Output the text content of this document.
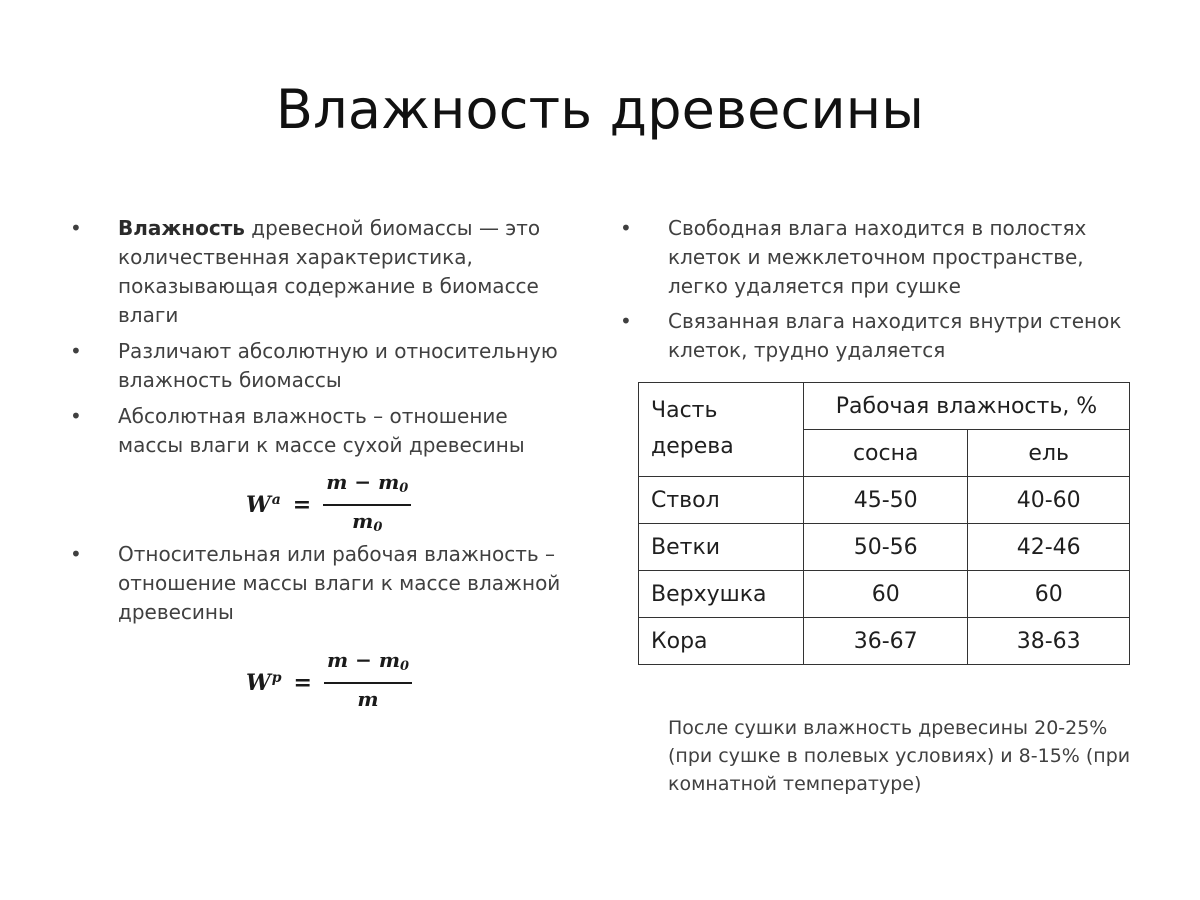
Влажность древесины
• Влажность древесной биомассы — это количественная характеристика, показывающая содержание в биомассе влаги
• Различают абсолютную и относительную влажность биомассы
• Абсолютная влажность – отношение массы влаги к массе сухой древесины
• Относительная или рабочая влажность – отношение массы влаги к массе влажной древесины
$W^a = \frac{m - m_0}{m_0}$
$W^p = \frac{m - m_0}{m}$
• Свободная влага находится в полостях клеток и межклеточном пространстве, легко удаляется при сушке
• Связанная влага находится внутри стенок клеток, трудно удаляется
Часть дерева	Рабочая влажность, %	
	сосна	ель
Ствол	45-50	40-60
Ветки	50-56	42-46
Верхушка	60	60
Кора	36-67	38-63
После сушки влажность древесины 20-25% (при сушке в полевых условиях) и 8-15% (при комнатной температуре)
